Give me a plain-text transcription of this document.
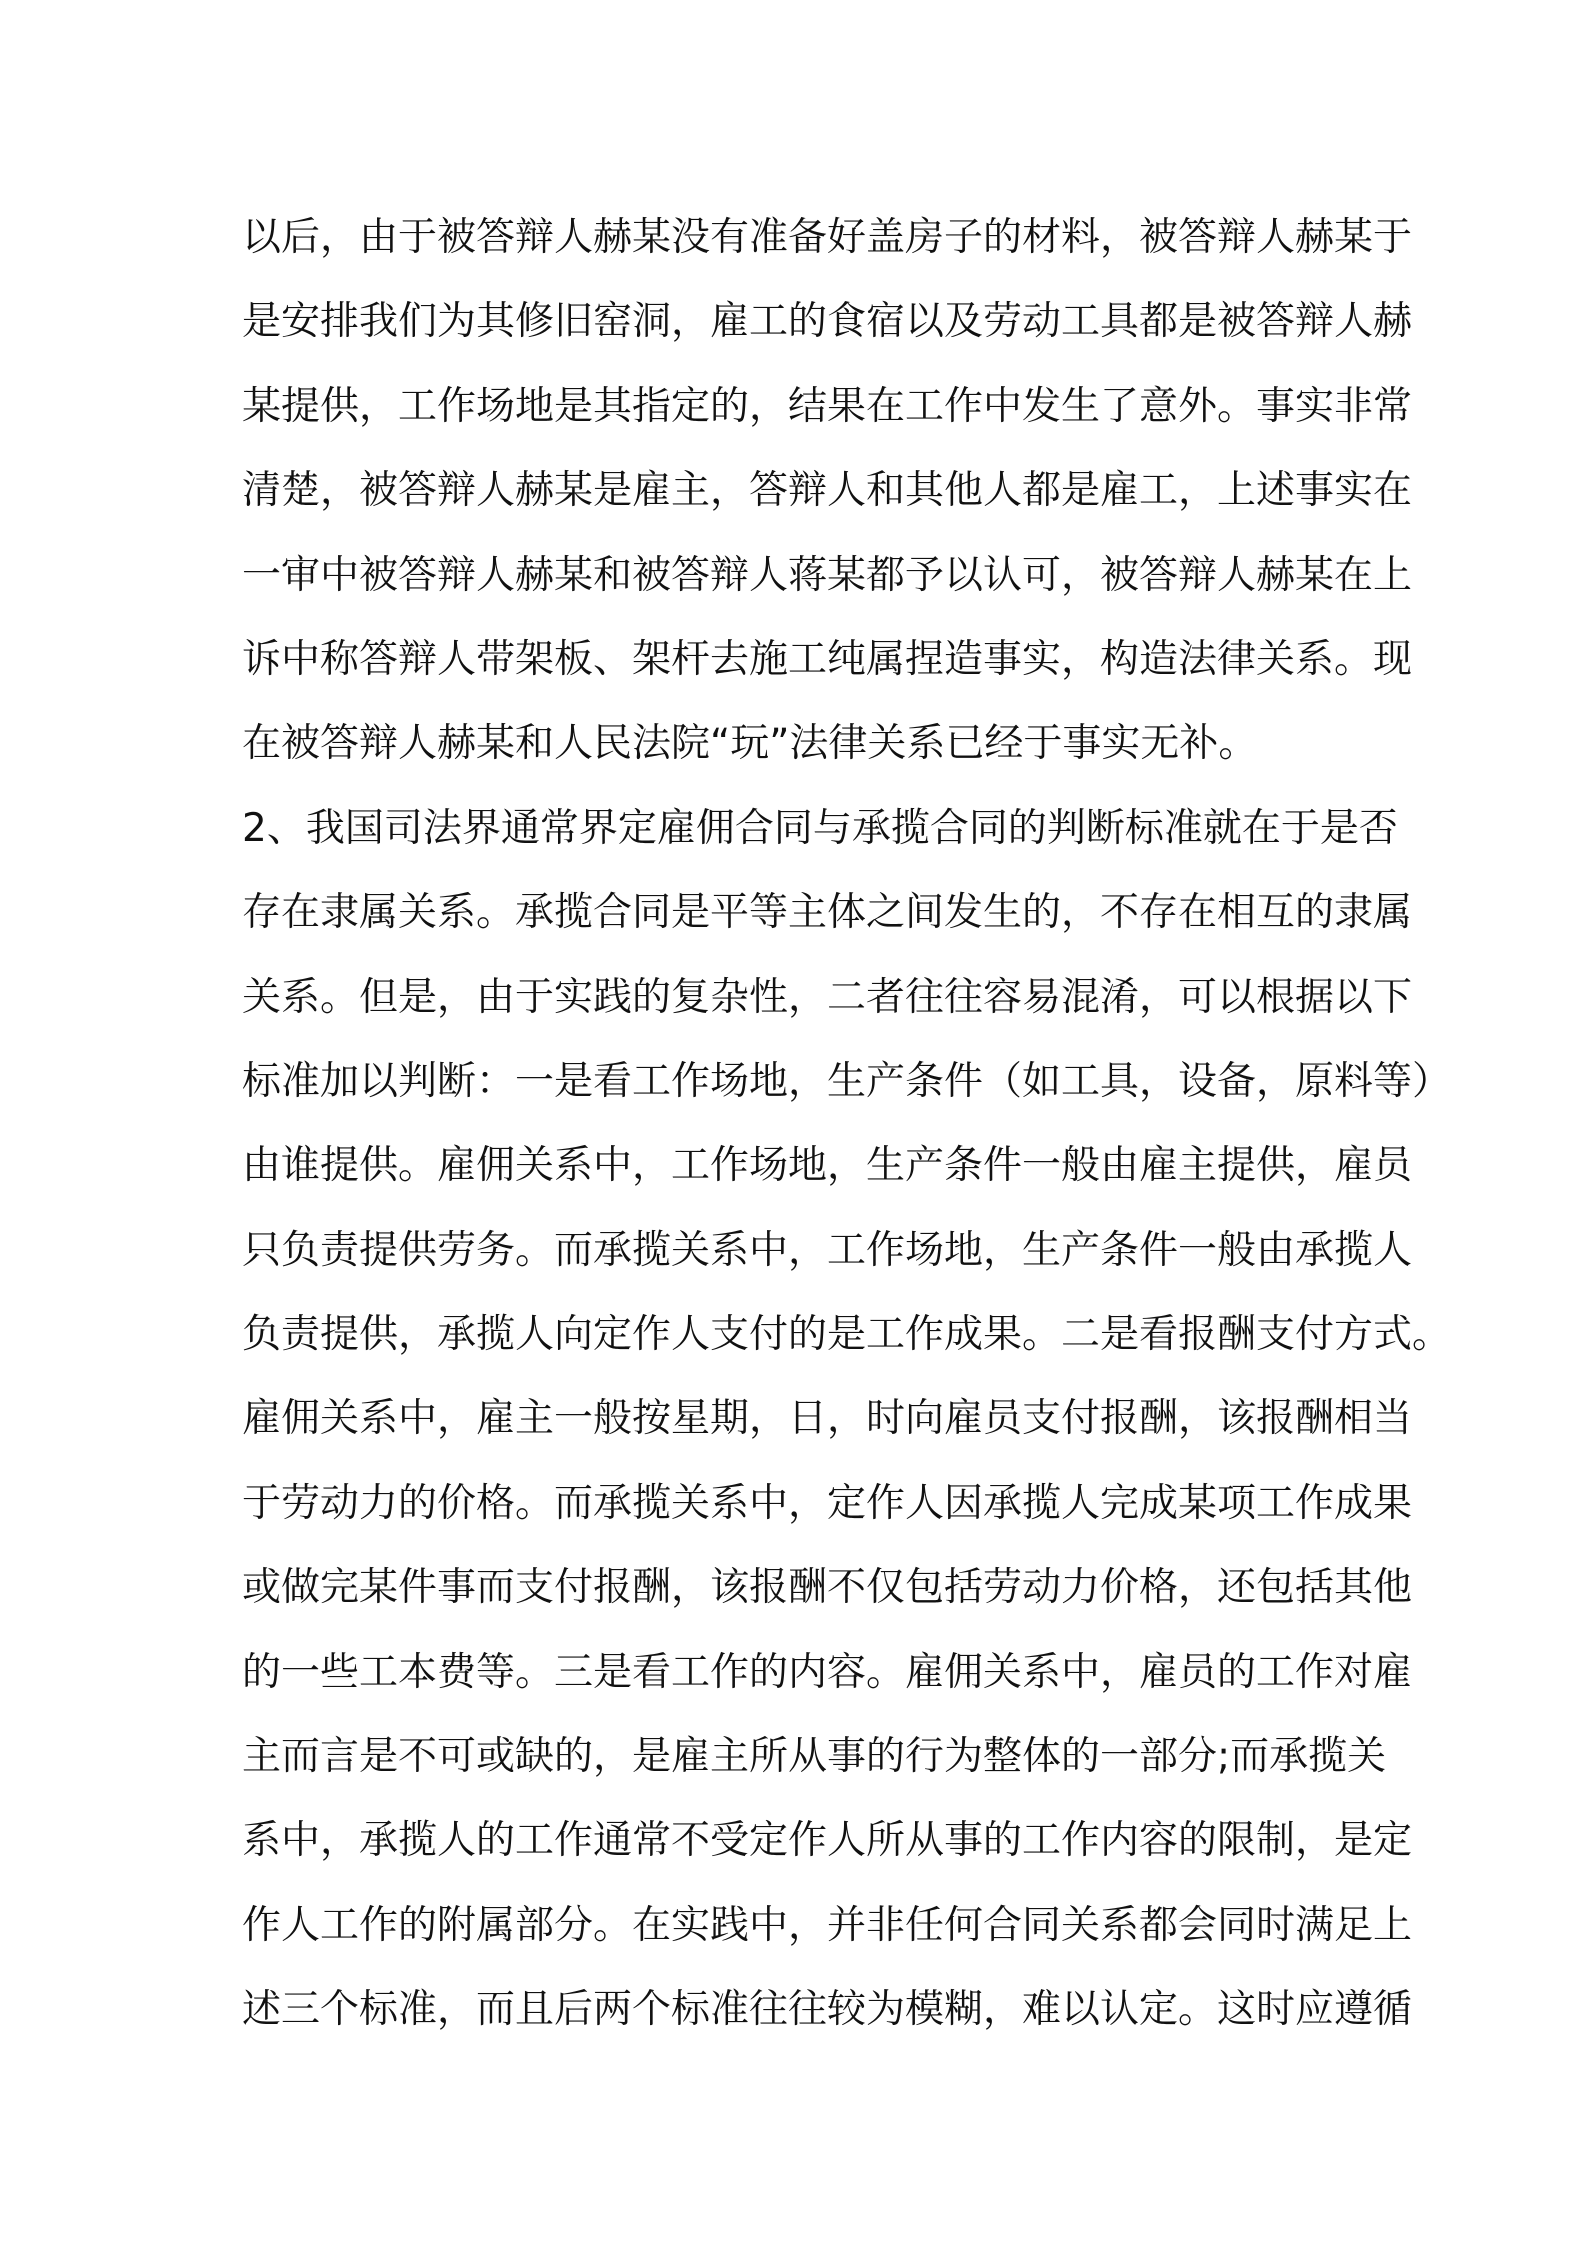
以后，由于被答辩人赫某没有准备好盖房子的材料，被答辩人赫某于
是安排我们为其修旧窑洞，雇工的食宿以及劳动工具都是被答辩人赫
某提供，工作场地是其指定的，结果在工作中发生了意外。事实非常
清楚，被答辩人赫某是雇主，答辩人和其他人都是雇工，上述事实在
一审中被答辩人赫某和被答辩人蒋某都予以认可，被答辩人赫某在上
诉中称答辩人带架板、架杆去施工纯属捏造事实，构造法律关系。现
在被答辩人赫某和人民法院“玩”法律关系已经于事实无补。
2、我国司法界通常界定雇佣合同与承揽合同的判断标准就在于是否
存在隶属关系。承揽合同是平等主体之间发生的，不存在相互的隶属
关系。但是，由于实践的复杂性，二者往往容易混淆，可以根据以下
标准加以判断：一是看工作场地，生产条件（如工具，设备，原料等）
由谁提供。雇佣关系中，工作场地，生产条件一般由雇主提供，雇员
只负责提供劳务。而承揽关系中，工作场地，生产条件一般由承揽人
负责提供，承揽人向定作人支付的是工作成果。二是看报酬支付方式。
雇佣关系中，雇主一般按星期，日，时向雇员支付报酬，该报酬相当
于劳动力的价格。而承揽关系中，定作人因承揽人完成某项工作成果
或做完某件事而支付报酬，该报酬不仅包括劳动力价格，还包括其他
的一些工本费等。三是看工作的内容。雇佣关系中，雇员的工作对雇
主而言是不可或缺的，是雇主所从事的行为整体的一部分;而承揽关
系中，承揽人的工作通常不受定作人所从事的工作内容的限制，是定
作人工作的附属部分。在实践中，并非任何合同关系都会同时满足上
述三个标准，而且后两个标准往往较为模糊，难以认定。这时应遵循
